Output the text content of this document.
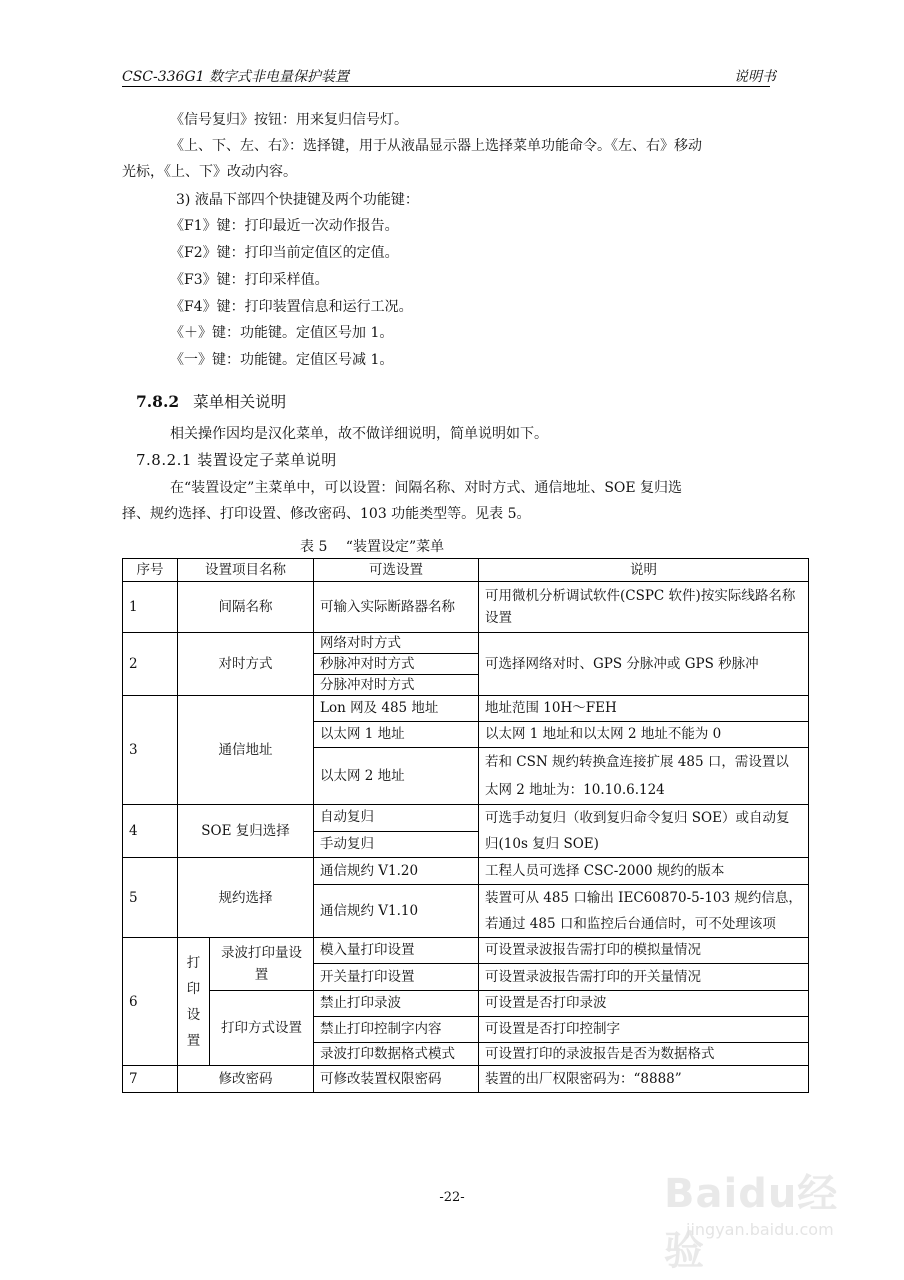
CSC-336G1 数字式非电量保护装置	说明书
《信号复归》按钮：用来复归信号灯。
《上、下、左、右》：选择键，用于从液晶显示器上选择菜单功能命令。《左、右》移动
光标，《上、下》改动内容。
3) 液晶下部四个快捷键及两个功能键：
《F1》键：打印最近一次动作报告。
《F2》键：打印当前定值区的定值。
《F3》键：打印采样值。
《F4》键：打印装置信息和运行工况。
《＋》键：功能键。定值区号加 1。
《一》键：功能键。定值区号减 1。
7.8.2 菜单相关说明
相关操作因均是汉化菜单，故不做详细说明，简单说明如下。
7.8.2.1 装置设定子菜单说明
在“装置设定”主菜单中，可以设置：间隔名称、对时方式、通信地址、SOE 复归选
择、规约选择、打印设置、修改密码、103 功能类型等。见表 5。
表 5　 “装置设定”菜单
序号	设置项目名称		可选设置	说明
1	间隔名称		可输入实际断路器名称	可用微机分析调试软件(CSPC 软件)按实际线路名称设置
2	对时方式		网络对时方式	可选择网络对时、GPS 分脉冲或 GPS 秒脉冲
			秒脉冲对时方式	
			分脉冲对时方式	
3	通信地址		Lon 网及 485 地址	地址范围 10H～FEH
			以太网 1 地址	以太网 1 地址和以太网 2 地址不能为 0
			以太网 2 地址	若和 CSN 规约转换盒连接扩展 485 口，需设置以太网 2 地址为：10.10.6.124
4	SOE 复归选择		自动复归	可选手动复归（收到复归命令复归 SOE）或自动复归(10s 复归 SOE)
			手动复归	
5	规约选择		通信规约 V1.20	工程人员可选择 CSC-2000 规约的版本
			通信规约 V1.10	装置可从 485 口输出 IEC60870-5-103 规约信息，若通过 485 口和监控后台通信时，可不处理该项
6	打印设置	录波打印量设置	模入量打印设置	可设置录波报告需打印的模拟量情况
			开关量打印设置	可设置录波报告需打印的开关量情况
		打印方式设置	禁止打印录波	可设置是否打印录波
			禁止打印控制字内容	可设置是否打印控制字
			录波打印数据格式模式	可设置打印的录波报告是否为数据格式
7	修改密码		可修改装置权限密码	装置的出厂权限密码为：“8888”
-22-	Baidu经验
jingyan.baidu.com
